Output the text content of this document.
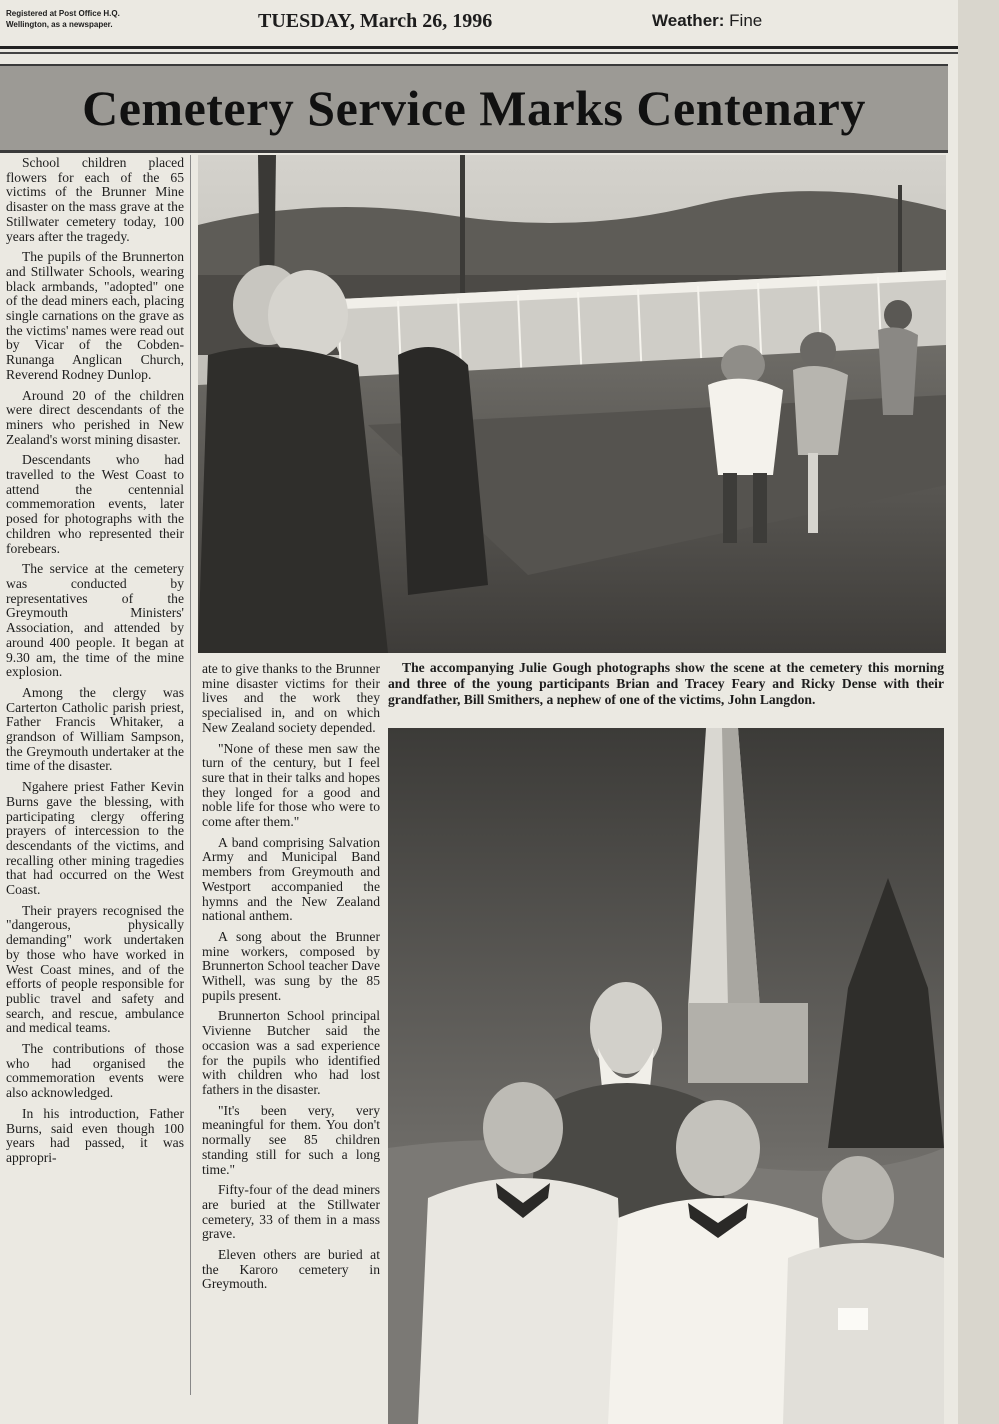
Registered at Post Office H.Q.
Wellington, as a newspaper.	TUESDAY, March 26, 1996	Weather: Fine
Cemetery Service Marks Centenary

School children placed flowers for each of the 65 victims of the Brunner Mine disaster on the mass grave at the Stillwater cemetery today, 100 years after the tragedy.

The pupils of the Brunnerton and Stillwater Schools, wearing black armbands, "adopted" one of the dead miners each, placing single carnations on the grave as the victims' names were read out by Vicar of the Cobden-Runanga Anglican Church, Reverend Rodney Dunlop.

Around 20 of the children were direct descendants of the miners who perished in New Zealand's worst mining disaster.

Descendants who had travelled to the West Coast to attend the centennial commemoration events, later posed for photographs with the children who represented their forebears.

The service at the cemetery was conducted by representatives of the Greymouth Ministers' Association, and attended by around 400 people. It began at 9.30 am, the time of the mine explosion.

Among the clergy was Carterton Catholic parish priest, Father Francis Whitaker, a grandson of William Sampson, the Greymouth undertaker at the time of the disaster.

Ngahere priest Father Kevin Burns gave the blessing, with participating clergy offering prayers of intercession to the descendants of the victims, and recalling other mining tragedies that had occurred on the West Coast.

Their prayers recognised the "dangerous, physically demanding" work undertaken by those who have worked in West Coast mines, and of the efforts of people responsible for public travel and safety and search, and rescue, ambulance and medical teams.

The contributions of those who had organised the commemoration events were also acknowledged.

In his introduction, Father Burns, said even though 100 years had passed, it was appropri-

The accompanying Julie Gough photographs show the scene at the cemetery this morning and three of the young participants Brian and Tracey Feary and Ricky Dense with their grandfather, Bill Smithers, a nephew of one of the victims, John Langdon.

ate to give thanks to the Brunner mine disaster victims for their lives and the work they specialised in, and on which New Zealand society depended.

"None of these men saw the turn of the century, but I feel sure that in their talks and hopes they longed for a good and noble life for those who were to come after them."

A band comprising Salvation Army and Municipal Band members from Greymouth and Westport accompanied the hymns and the New Zealand national anthem.

A song about the Brunner mine workers, composed by Brunnerton School teacher Dave Withell, was sung by the 85 pupils present.

Brunnerton School principal Vivienne Butcher said the occasion was a sad experience for the pupils who identified with children who had lost fathers in the disaster.

"It's been very, very meaningful for them. You don't normally see 85 children standing still for such a long time."

Fifty-four of the dead miners are buried at the Stillwater cemetery, 33 of them in a mass grave.

Eleven others are buried at the Karoro cemetery in Greymouth.
